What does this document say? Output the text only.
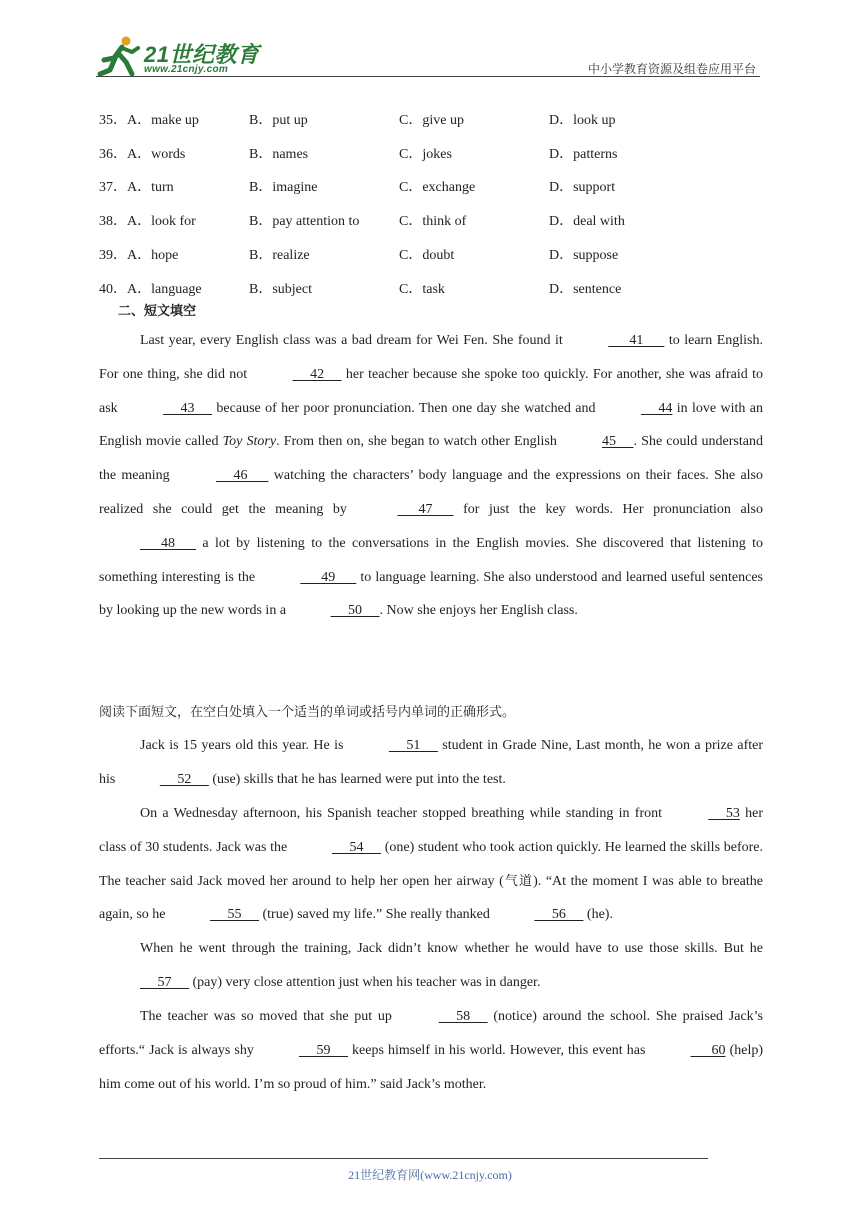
21世纪教育
www.21cnjy.com	中小学教育资源及组卷应用平台
35．A．make up	B．put up	C．give up	D．look up
36．A．words	B．names	C．jokes	D．patterns
37．A．turn	B．imagine	C．exchange	D．support
38．A．look for	B．pay attention to	C．think of	D．deal with
39．A．hope	B．realize	C．doubt	D．suppose
40．A．language	B．subject	C．task	D．sentence
二、短文填空
Last year, every English class was a bad dream for Wei Fen. She found it	41       to learn English. For one thing, she did not	42      her teacher because she spoke too quickly. For another, she was afraid to ask	43      because of her poor pronunciation. Then one day she watched and	44 in love with an English movie called Toy Story. From then on, she began to watch other English	45     . She could understand the meaning	46       watching the characters’ body language and the expressions on their faces. She also realized she could get the meaning by	47       for just the key words. Her pronunciation also       48       a lot by listening to the conversations in the English movies. She discovered that listening to something interesting is the	49       to language learning. She also understood and learned useful sentences by looking up the new words in a	50     . Now she enjoys her English class.
阅读下面短文，在空白处填入一个适当的单词或括号内单词的正确形式。
Jack is 15 years old this year. He is	51      student in Grade Nine, Last month, he won a prize after his	52      (use) skills that he has learned were put into the test.
On a Wednesday afternoon, his Spanish teacher stopped breathing while standing in front	53 her class of 30 students. Jack was the	54      (one) student who took action quickly. He learned the skills before. The teacher said Jack moved her around to help her open her airway (气道). “At the moment I was able to breathe again, so he	55      (true) saved my life.” She really thanked	56      (he).
When he went through the training, Jack didn’t know whether he would have to use those skills. But he      57      (pay) very close attention just when his teacher was in danger.
The teacher was so moved that she put up	58      (notice) around the school. She praised Jack’s efforts.“ Jack is always shy	59      keeps himself in his world. However, this event has	60 (help) him come out of his world. I’m so proud of him.” said Jack’s mother.
21世纪教育网(www.21cnjy.com)
